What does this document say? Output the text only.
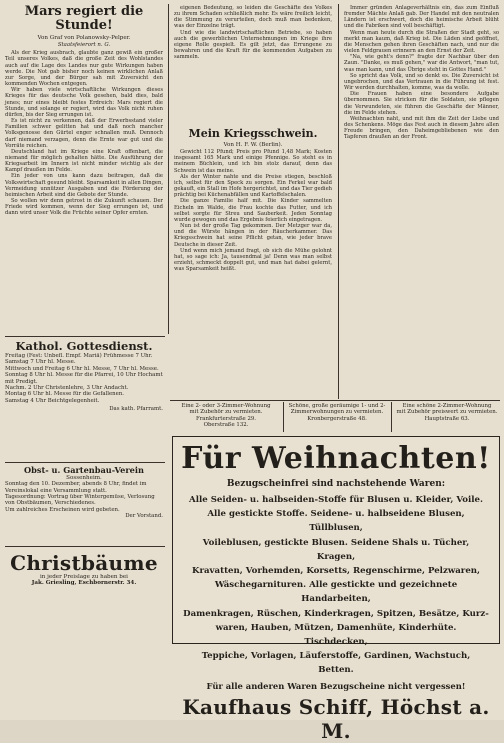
Mars regiert die Stunde!
Von Graf von Polanowsky-Pelper.
Staatsfeierort n. G.

Als der Krieg ausbrach, glaubte ganz gewiß ein großer Teil unseres Volkes, daß die große Zeit des Wohlstandes auch auf die Lage des Landes nur gute Wirkungen haben werde. Die Not gab bisher noch keinen wirklichen Anlaß zur Sorge, und der Bürger sah mit Zuversicht den kommenden Wochen entgegen.

Wir haben viele wirtschaftliche Wirkungen dieses Krieges für das deutsche Volk gesehen, bald dies, bald jenes; nur eines bleibt festes Erdreich: Mars regiert die Stunde, und solange er regiert, wird das Volk nicht ruhen dürfen, bis der Sieg errungen ist.

Es ist nicht zu verkennen, daß der Erwerbsstand vieler Familien schwer gelitten hat und daß noch mancher Volksgenosse den Gürtel enger schnallen muß. Dennoch darf niemand verzagen, denn die Ernte war gut und die Vorräte reichen.

Deutschland hat im Kriege eine Kraft offenbart, die niemand für möglich gehalten hätte. Die Ausführung der Kriegsarbeit im Innern ist nicht minder wichtig als der Kampf draußen im Felde.

Ein jeder von uns kann dazu beitragen, daß die Volkswirtschaft gesund bleibt. Sparsamkeit in allen Dingen, Vermeidung unnützer Ausgaben und die Förderung der heimischen Arbeit sind die Gebote der Stunde.

So wollen wir denn getrost in die Zukunft schauen. Der Friede wird kommen, wenn der Sieg errungen ist, und dann wird unser Volk die Früchte seiner Opfer ernten.

eigenen Bedeutung, so leiden die Geschäfte des Volkes zu ihrem Schaden schließlich mehr. Es wäre freilich leicht, die Stimmung zu verurteilen, doch muß man bedenken, was der Einzelne trägt.

Und wie die landwirtschaftlichen Betriebe, so haben auch die gewerblichen Unternehmungen im Kriege ihre eigene Rolle gespielt. Es gilt jetzt, das Errungene zu bewahren und die Kraft für die kommenden Aufgaben zu sammeln.

Mein Kriegsschwein.
Von H. F. W. (Berlin).

Gewicht 112 Pfund; Preis pro Pfund 1,48 Mark; Kosten insgesamt 165 Mark und einige Pfennige. So steht es in meinem Büchlein, und ich bin stolz darauf, denn das Schwein ist das meine.

Als der Winter nahte und die Preise stiegen, beschloß ich, selbst für den Speck zu sorgen. Ein Ferkel war bald gekauft, ein Stall im Hofe hergerichtet, und das Tier gedieh prächtig bei Küchenabfällen und Kartoffelschalen.

Die ganze Familie half mit. Die Kinder sammelten Eicheln im Walde, die Frau kochte das Futter, und ich selbst sorgte für Streu und Sauberkeit. Jeden Sonntag wurde gewogen und das Ergebnis feierlich eingetragen.

Nun ist der große Tag gekommen. Der Metzger war da, und die Würste hängen in der Räucherkammer. Das Kriegsschwein hat seine Pflicht getan, wie jeder brave Deutsche in dieser Zeit.

Und wenn mich jemand fragt, ob sich die Mühe gelohnt hat, so sage ich: Ja, tausendmal ja! Denn was man selbst erzieht, schmeckt doppelt gut, und man hat dabei gelernt, was Sparsamkeit heißt.

Immer gründen Anlageverhältnis ein, das zum Einfluß fremder Mächte Anlaß gab. Der Handel mit den neutralen Ländern ist erschwert, doch die heimische Arbeit blüht und die Fabriken sind voll beschäftigt.

Wenn man heute durch die Straßen der Stadt geht, so merkt man kaum, daß Krieg ist. Die Läden sind geöffnet, die Menschen gehen ihren Geschäften nach, und nur die vielen Feldgrauen erinnern an den Ernst der Zeit.

"Na, wie geht's denn?" fragte der Nachbar über den Zaun. "Danke, es muß gehen," war die Antwort, "man tut, was man kann, und das Übrige steht in Gottes Hand."

So spricht das Volk, und so denkt es. Die Zuversicht ist ungebrochen, und das Vertrauen in die Führung ist fest. Wir werden durchhalten, komme, was da wolle.

Die Frauen haben eine besondere Aufgabe übernommen. Sie stricken für die Soldaten, sie pflegen die Verwundeten, sie führen die Geschäfte der Männer, die im Felde stehen.

Weihnachten naht, und mit ihm die Zeit der Liebe und des Schenkens. Möge das Fest auch in diesem Jahre allen Freude bringen, den Daheimgebliebenen wie den Tapferen draußen an der Front.

Kathol. Gottesdienst.
Freitag (Fest: Unbefl. Empf. Mariä) Frühmesse 7 Uhr.
Samstag 7 Uhr hl. Messe.
Mittwoch und Freitag 6 Uhr hl. Messe, 7 Uhr hl. Messe.
Sonntag 8 Uhr hl. Messe für die Pfarrei, 10 Uhr Hochamt mit Predigt.
Nachm. 2 Uhr Christenlehre, 3 Uhr Andacht.
Montag 6 Uhr hl. Messe für die Gefallenen.
Samstag 4 Uhr Beichtgelegenheit.
Das kath. Pfarramt.
Obst- u. Gartenbau-Verein
Sossenheim.
Sonntag den 10. Dezember, abends 8 Uhr, findet im Vereinslokal eine Versammlung statt.
Tagesordnung: Vortrag über Wintergemüse, Verlosung von Obstbäumen, Verschiedenes.
Um zahlreiches Erscheinen wird gebeten.
Der Vorstand.
Christbäume
in jeder Preislage zu haben bei
Jak. Griesling, Eschbornerstr. 34.
Eine 2- oder 3-Zimmer-Wohnung
mit Zubehör zu vermieten.
Frankfurterstraße 29.
Oberstraße 132.
Schöne, große geräumige 1- und 2-
Zimmerwohnungen zu vermieten.
Kronbergerstraße 48.
Eine schöne 2-Zimmer-Wohnung
mit Zubehör preiswert zu vermieten.
Hauptstraße 63.
Für Weihnachten!
Bezugscheinfrei sind nachstehende Waren:
Alle Seiden- u. halbseiden-Stoffe für Blusen u. Kleider, Voile.
Alle gestickte Stoffe. Seidene- u. halbseidene Blusen, Tüllblusen,
Voileblusen, gestickte Blusen. Seidene Shals u. Tücher, Kragen,
Kravatten, Vorhemden, Korsetts, Regenschirme, Pelzwaren,
Wäschegarnituren. Alle gestickte und gezeichnete Handarbeiten,
Damenkragen, Rüschen, Kinderkragen, Spitzen, Besätze, Kurz-
waren, Hauben, Mützen, Damenhüte, Kinderhüte. Tischdecken,
Teppiche, Vorlagen, Läuferstoffe, Gardinen, Wachstuch, Betten.
Für alle anderen Waren Bezugscheine nicht vergessen!
Kaufhaus Schiff, Höchst a. M.
